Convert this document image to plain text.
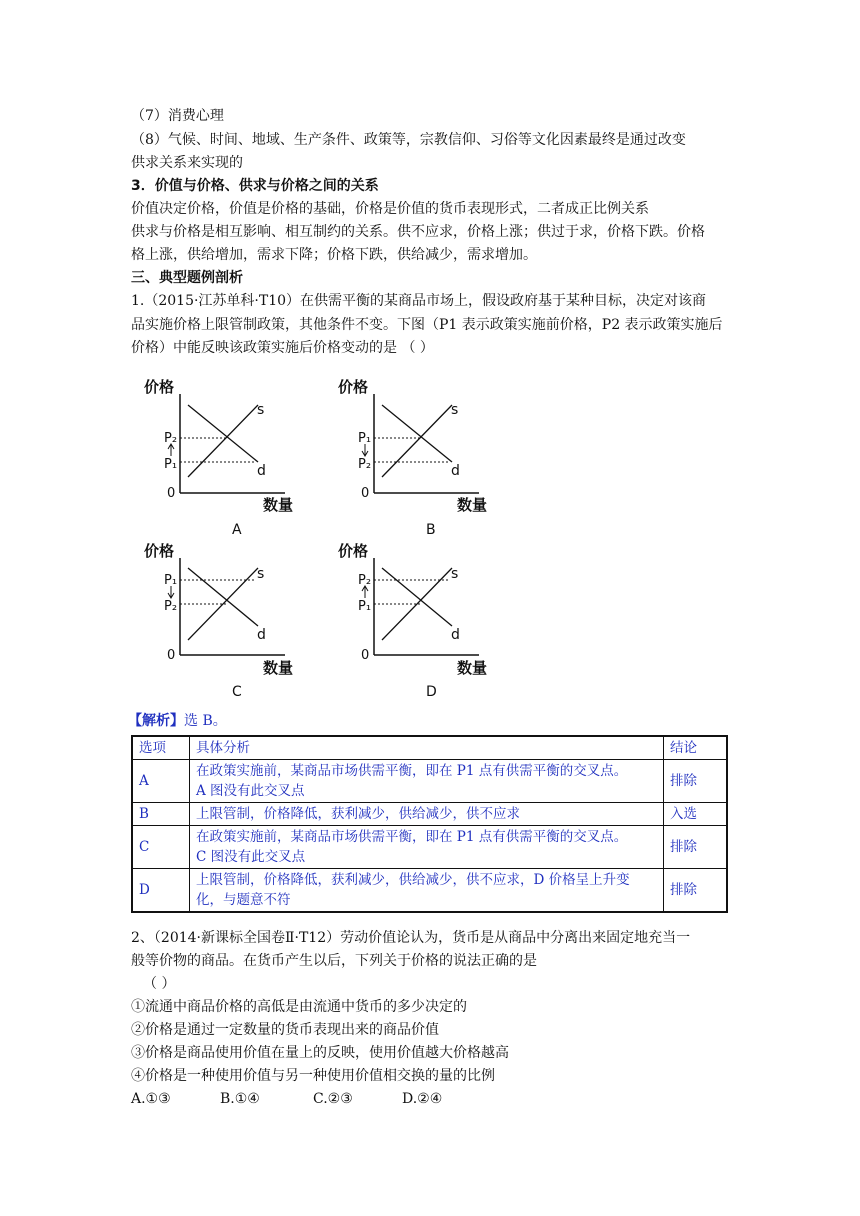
（7）消费心理
（8）气候、时间、地域、生产条件、政策等，宗教信仰、习俗等文化因素最终是通过改变
供求关系来实现的
3．价值与价格、供求与价格之间的关系
价值决定价格，价值是价格的基础，价格是价值的货币表现形式，二者成正比例关系
供求与价格是相互影响、相互制约的关系。供不应求，价格上涨；供过于求，价格下跌。价格
格上涨，供给增加，需求下降；价格下跌，供给减少，需求增加。
三、典型题例剖析
1.（2015·江苏单科·T10）在供需平衡的某商品市场上，假设政府基于某种目标，决定对该商
品实施价格上限管制政策，其他条件不变。下图（P1 表示政策实施前价格，P2 表示政策实施后
价格）中能反映该政策实施后价格变动的是 （ ）
价格
P₂
P₁
s
d
0
数量
A
价格
P₁
P₂
s
d
0
数量
B
价格
P₁
P₂
s
d
0
数量
C
价格
P₂
P₁
s
d
0
数量
D
【解析】选 B。
选项	具体分析	结论
A	在政策实施前，某商品市场供需平衡，即在 P1 点有供需平衡的交叉点。
A 图没有此交叉点	排除
B	上限管制，价格降低，获利减少，供给减少，供不应求	入选
C	在政策实施前，某商品市场供需平衡，即在 P1 点有供需平衡的交叉点。
C 图没有此交叉点	排除
D	上限管制，价格降低，获利减少，供给减少，供不应求，D 价格呈上升变
化，与题意不符	排除
2、（2014·新课标全国卷Ⅱ·T12）劳动价值论认为，货币是从商品中分离出来固定地充当一
般等价物的商品。在货币产生以后，下列关于价格的说法正确的是
（ ）
①流通中商品价格的高低是由流通中货币的多少决定的
②价格是通过一定数量的货币表现出来的商品价值
③价格是商品使用价值在量上的反映，使用价值越大价格越高
④价格是一种使用价值与另一种使用价值相交换的量的比例
A.①③	B.①④	C.②③	D.②④
